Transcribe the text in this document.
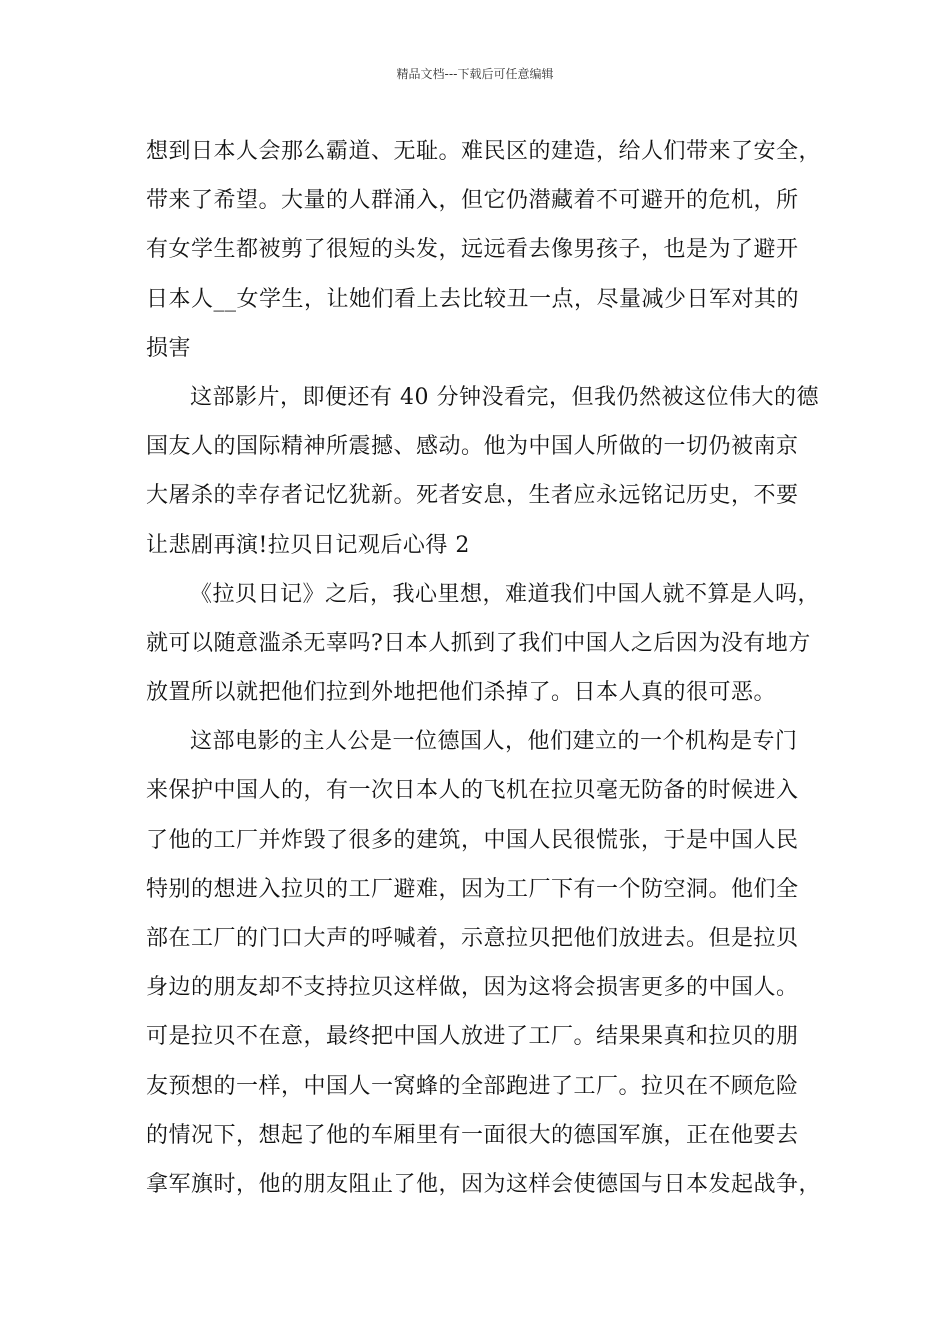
精品文档---下载后可任意编辑
想到日本人会那么霸道、无耻。难民区的建造，给人们带来了安全，
带来了希望。大量的人群涌入，但它仍潜藏着不可避开的危机，所
有女学生都被剪了很短的头发，远远看去像男孩子，也是为了避开
日本人__女学生，让她们看上去比较丑一点，尽量减少日军对其的
损害
这部影片，即便还有 40 分钟没看完，但我仍然被这位伟大的德
国友人的国际精神所震撼、感动。他为中国人所做的一切仍被南京
大屠杀的幸存者记忆犹新。死者安息，生者应永远铭记历史，不要
让悲剧再演!拉贝日记观后心得 2
《拉贝日记》之后，我心里想，难道我们中国人就不算是人吗，
就可以随意滥杀无辜吗?日本人抓到了我们中国人之后因为没有地方
放置所以就把他们拉到外地把他们杀掉了。日本人真的很可恶。
这部电影的主人公是一位德国人，他们建立的一个机构是专门
来保护中国人的，有一次日本人的飞机在拉贝毫无防备的时候进入
了他的工厂并炸毁了很多的建筑，中国人民很慌张，于是中国人民
特别的想进入拉贝的工厂避难，因为工厂下有一个防空洞。他们全
部在工厂的门口大声的呼喊着，示意拉贝把他们放进去。但是拉贝
身边的朋友却不支持拉贝这样做，因为这将会损害更多的中国人。
可是拉贝不在意，最终把中国人放进了工厂。结果果真和拉贝的朋
友预想的一样，中国人一窝蜂的全部跑进了工厂。拉贝在不顾危险
的情况下，想起了他的车厢里有一面很大的德国军旗，正在他要去
拿军旗时，他的朋友阻止了他，因为这样会使德国与日本发起战争，
